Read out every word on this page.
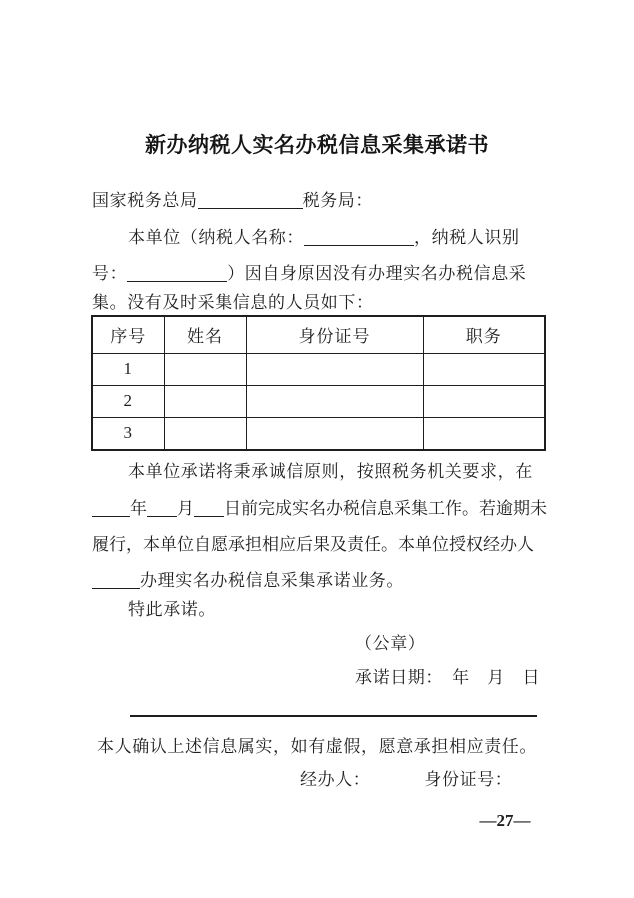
新办纳税人实名办税信息采集承诺书
国家税务总局	税务局：
本单位（纳税人名称：	，纳税人识别
号：	）因自身原因没有办理实名办税信息采
集。没有及时采集信息的人员如下：
序号	姓名	身份证号	职务
1			
2			
3			
本单位承诺将秉承诚信原则，按照税务机关要求，在
年 月 日前完成实名办税信息采集工作。若逾期未
履行，本单位自愿承担相应后果及责任。本单位授权经办人
办理实名办税信息采集承诺业务。
特此承诺。
（公章）
承诺日期：　年　月　日
本人确认上述信息属实，如有虚假，愿意承担相应责任。
经办人：	身份证号：
—27—
